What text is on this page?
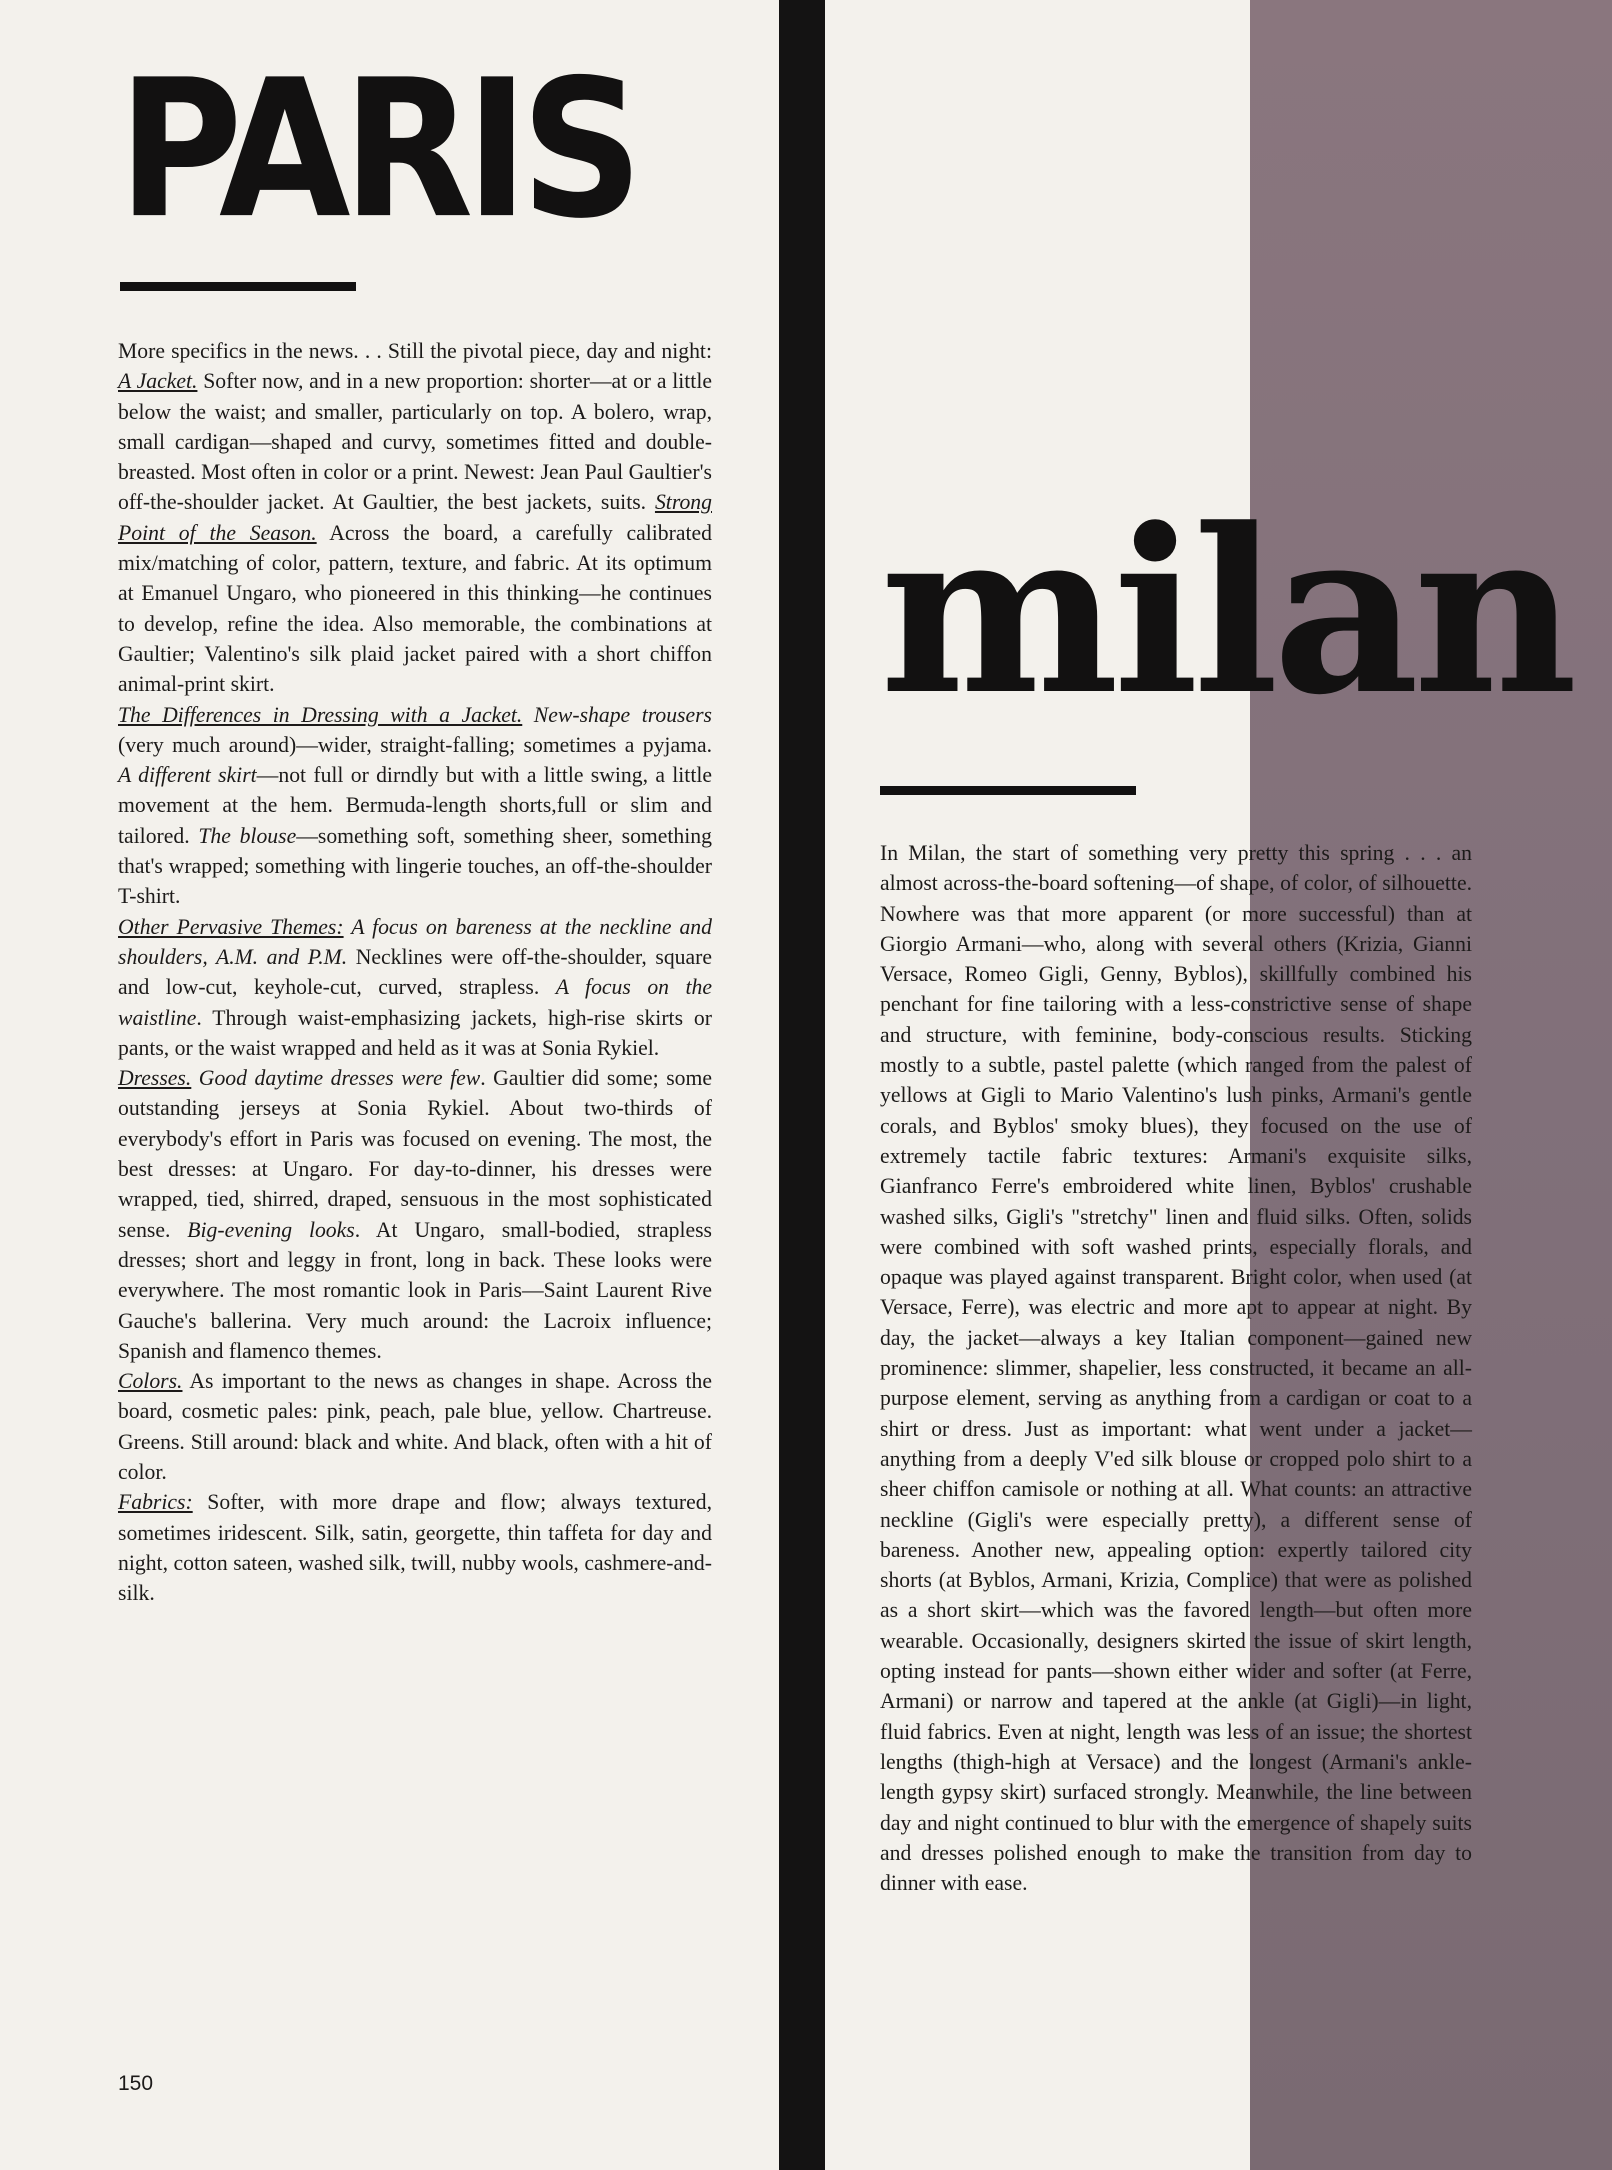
PARIS

More specifics in the news. . . Still the pivotal piece, day and night: A Jacket. Softer now, and in a new proportion: shorter—at or a little below the waist; and smaller, particularly on top. A bolero, wrap, small cardigan—shaped and curvy, sometimes fitted and double-breasted. Most often in color or a print. Newest: Jean Paul Gaultier's off-the-shoulder jacket. At Gaultier, the best jackets, suits. Strong Point of the Season. Across the board, a carefully calibrated mix/matching of color, pattern, texture, and fabric. At its optimum at Emanuel Ungaro, who pioneered in this thinking—he continues to develop, refine the idea. Also memorable, the combinations at Gaultier; Valentino's silk plaid jacket paired with a short chiffon animal-print skirt.

The Differences in Dressing with a Jacket. New-shape trousers (very much around)—wider, straight-falling; sometimes a pyjama. A different skirt—not full or dirndly but with a little swing, a little movement at the hem. Bermuda-length shorts,full or slim and tailored. The blouse—something soft, something sheer, something that's wrapped; something with lingerie touches, an off-the-shoulder T-shirt.

Other Pervasive Themes: A focus on bareness at the neckline and shoulders, A.M. and P.M. Necklines were off-the-shoulder, square and low-cut, keyhole-cut, curved, strapless. A focus on the waistline. Through waist-emphasizing jackets, high-rise skirts or pants, or the waist wrapped and held as it was at Sonia Rykiel.

Dresses. Good daytime dresses were few. Gaultier did some; some outstanding jerseys at Sonia Rykiel. About two-thirds of everybody's effort in Paris was focused on evening. The most, the best dresses: at Ungaro. For day-to-dinner, his dresses were wrapped, tied, shirred, draped, sensuous in the most sophisticated sense. Big-evening looks. At Ungaro, small-bodied, strapless dresses; short and leggy in front, long in back. These looks were everywhere. The most romantic look in Paris—Saint Laurent Rive Gauche's ballerina. Very much around: the Lacroix influence; Spanish and flamenco themes.

Colors. As important to the news as changes in shape. Across the board, cosmetic pales: pink, peach, pale blue, yellow. Chartreuse. Greens. Still around: black and white. And black, often with a hit of color.

Fabrics: Softer, with more drape and flow; always textured, sometimes iridescent. Silk, satin, georgette, thin taffeta for day and night, cotton sateen, washed silk, twill, nubby wools, cashmere-and-silk.

milan

In Milan, the start of something very pretty this spring . . . an almost across-the-board softening—of shape, of color, of silhouette. Nowhere was that more apparent (or more successful) than at Giorgio Armani—who, along with several others (Krizia, Gianni Versace, Romeo Gigli, Genny, Byblos), skillfully combined his penchant for fine tailoring with a less-constrictive sense of shape and structure, with feminine, body-conscious results. Sticking mostly to a subtle, pastel palette (which ranged from the palest of yellows at Gigli to Mario Valentino's lush pinks, Armani's gentle corals, and Byblos' smoky blues), they focused on the use of extremely tactile fabric textures: Armani's exquisite silks, Gianfranco Ferre's embroidered white linen, Byblos' crushable washed silks, Gigli's "stretchy" linen and fluid silks. Often, solids were combined with soft washed prints, especially florals, and opaque was played against transparent. Bright color, when used (at Versace, Ferre), was electric and more apt to appear at night. By day, the jacket—always a key Italian component—gained new prominence: slimmer, shapelier, less constructed, it became an all-purpose element, serving as anything from a cardigan or coat to a shirt or dress. Just as important: what went under a jacket—anything from a deeply V'ed silk blouse or cropped polo shirt to a sheer chiffon camisole or nothing at all. What counts: an attractive neckline (Gigli's were especially pretty), a different sense of bareness. Another new, appealing option: expertly tailored city shorts (at Byblos, Armani, Krizia, Complice) that were as polished as a short skirt—which was the favored length—but often more wearable. Occasionally, designers skirted the issue of skirt length, opting instead for pants—shown either wider and softer (at Ferre, Armani) or narrow and tapered at the ankle (at Gigli)—in light, fluid fabrics. Even at night, length was less of an issue; the shortest lengths (thigh-high at Versace) and the longest (Armani's ankle-length gypsy skirt) surfaced strongly. Meanwhile, the line between day and night continued to blur with the emergence of shapely suits and dresses polished enough to make the transition from day to dinner with ease.

150
